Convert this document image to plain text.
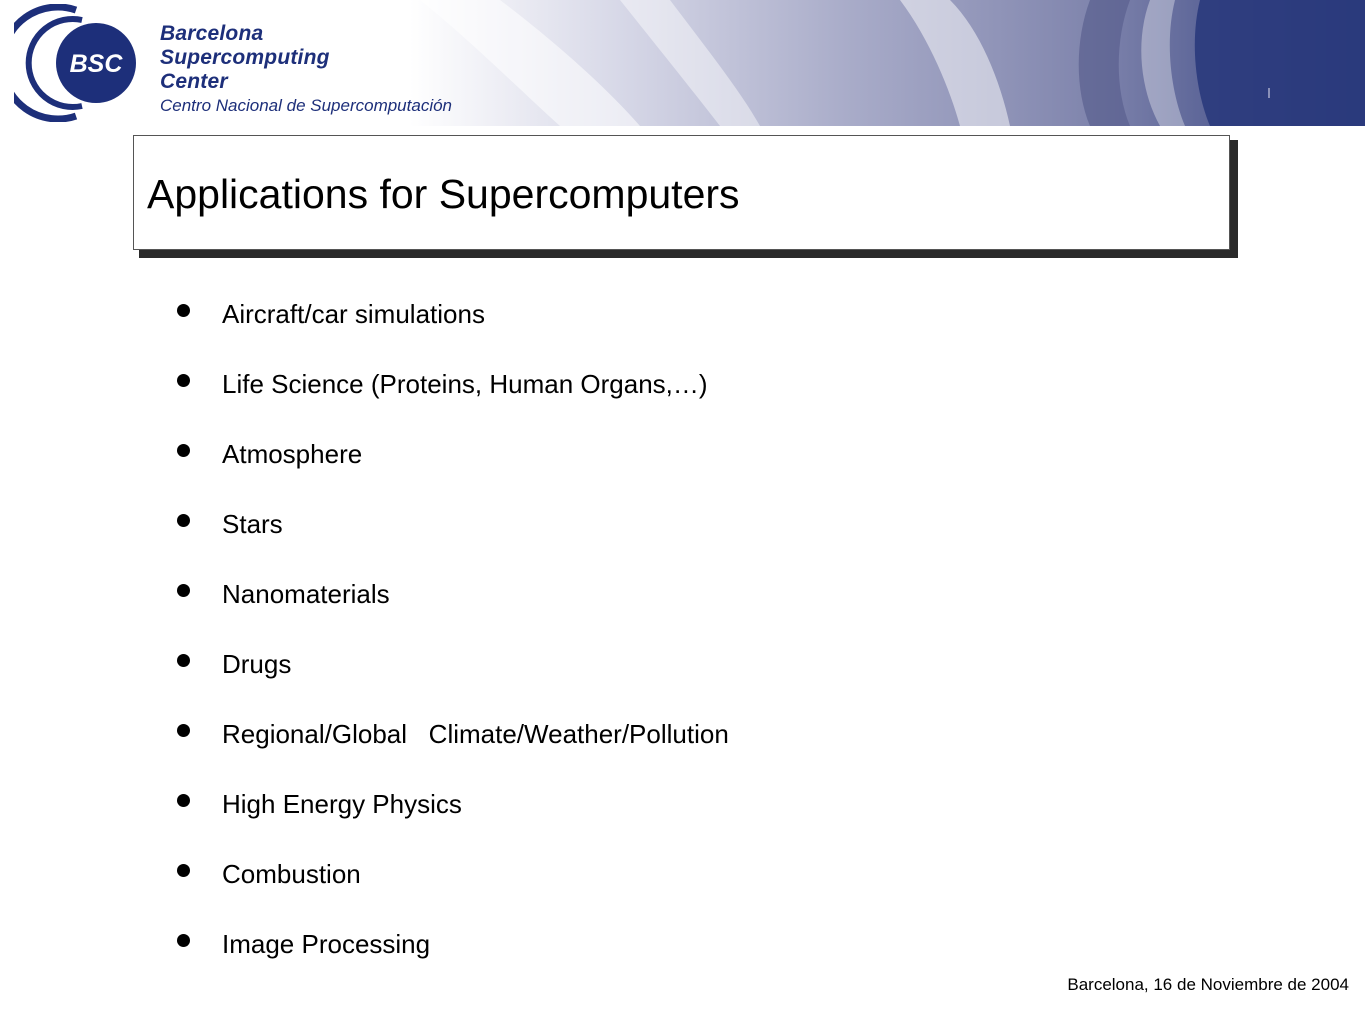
BSC
Barcelona
Supercomputing
Center
Centro Nacional de Supercomputación
Applications for Supercomputers
Aircraft/car simulations
Life Science (Proteins, Human Organs,…)
Atmosphere
Stars
Nanomaterials
Drugs
Regional/Global   Climate/Weather/Pollution
High Energy Physics
Combustion
Image Processing
Barcelona, 16 de Noviembre de 2004
